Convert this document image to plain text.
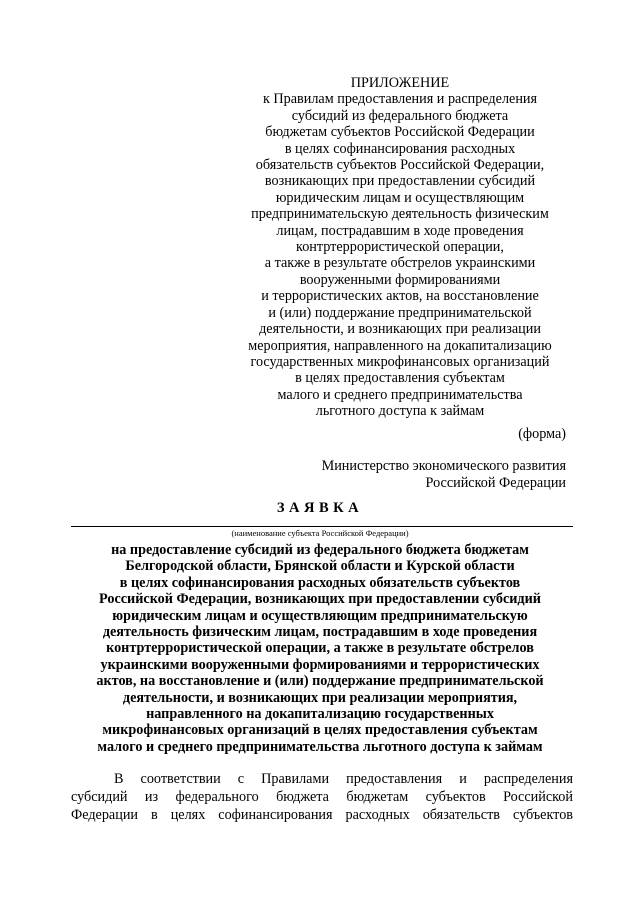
ПРИЛОЖЕНИЕ
к Правилам предоставления и распределения
субсидий из федерального бюджета
бюджетам субъектов Российской Федерации
в целях софинансирования расходных
обязательств субъектов Российской Федерации,
возникающих при предоставлении субсидий
юридическим лицам и осуществляющим
предпринимательскую деятельность физическим
лицам, пострадавшим в ходе проведения
контртеррористической операции,
а также в результате обстрелов украинскими
вооруженными формированиями
и террористических актов, на восстановление
и (или) поддержание предпринимательской
деятельности, и возникающих при реализации
мероприятия, направленного на докапитализацию
государственных микрофинансовых организаций
в целях предоставления субъектам
малого и среднего предпринимательства
льготного доступа к займам
(форма)
Министерство экономического развития
Российской Федерации
ЗАЯВКА
(наименование субъекта Российской Федерации)
на предоставление субсидий из федерального бюджета бюджетам
Белгородской области, Брянской области и Курской области
в целях софинансирования расходных обязательств субъектов
Российской Федерации, возникающих при предоставлении субсидий
юридическим лицам и осуществляющим предпринимательскую
деятельность физическим лицам, пострадавшим в ходе проведения
контртеррористической операции, а также в результате обстрелов
украинскими вооруженными формированиями и террористических
актов, на восстановление и (или) поддержание предпринимательской
деятельности, и возникающих при реализации мероприятия,
направленного на докапитализацию государственных
микрофинансовых организаций в целях предоставления субъектам
малого и среднего предпринимательства льготного доступа к займам
В соответствии с Правилами предоставления и распределения
субсидий из федерального бюджета бюджетам субъектов Российской
Федерации в целях софинансирования расходных обязательств субъектов
